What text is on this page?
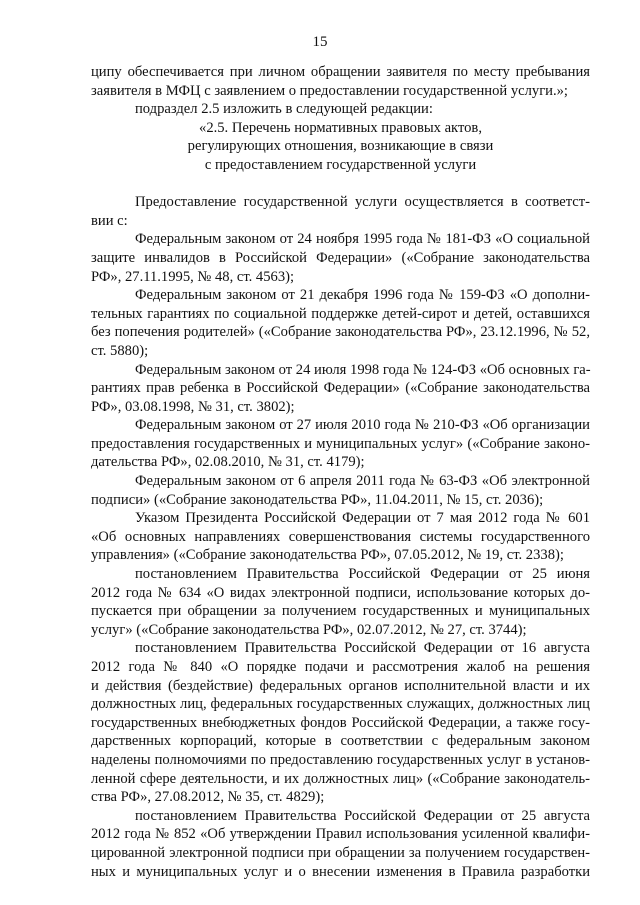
15
ципу обеспечивается при личном обращении заявителя по месту пребывания
заявителя в МФЦ с заявлением о предоставлении государственной услуги.»;
подраздел 2.5 изложить в следующей редакции:
«2.5. Перечень нормативных правовых актов,
регулирующих отношения, возникающие в связи
с предоставлением государственной услуги
Предоставление государственной услуги осуществляется в соответст-
вии с:
Федеральным законом от 24 ноября 1995 года № 181-ФЗ «О социальной
защите инвалидов в Российской Федерации» («Собрание законодательства
РФ», 27.11.1995, № 48, ст. 4563);
Федеральным законом от 21 декабря 1996 года № 159-ФЗ «О дополни-
тельных гарантиях по социальной поддержке детей-сирот и детей, оставшихся
без попечения родителей» («Собрание законодательства РФ», 23.12.1996, № 52,
ст. 5880);
Федеральным законом от 24 июля 1998 года № 124-ФЗ «Об основных га-
рантиях прав ребенка в Российской Федерации» («Собрание законодательства
РФ», 03.08.1998, № 31, ст. 3802);
Федеральным законом от 27 июля 2010 года № 210-ФЗ «Об организации
предоставления государственных и муниципальных услуг» («Собрание законо-
дательства РФ», 02.08.2010, № 31, ст. 4179);
Федеральным законом от 6 апреля 2011 года № 63-ФЗ «Об электронной
подписи» («Собрание законодательства РФ», 11.04.2011, № 15, ст. 2036);
Указом Президента Российской Федерации от 7 мая 2012 года № 601
«Об основных направлениях совершенствования системы государственного
управления» («Собрание законодательства РФ», 07.05.2012, № 19, ст. 2338);
постановлением Правительства Российской Федерации от 25 июня
2012 года № 634 «О видах электронной подписи, использование которых до-
пускается при обращении за получением государственных и муниципальных
услуг» («Собрание законодательства РФ», 02.07.2012, № 27, ст. 3744);
постановлением Правительства Российской Федерации от 16 августа
2012 года № 840 «О порядке подачи и рассмотрения жалоб на решения
и действия (бездействие) федеральных органов исполнительной власти и их
должностных лиц, федеральных государственных служащих, должностных лиц
государственных внебюджетных фондов Российской Федерации, а также госу-
дарственных корпораций, которые в соответствии с федеральным законом
наделены полномочиями по предоставлению государственных услуг в установ-
ленной сфере деятельности, и их должностных лиц» («Собрание законодатель-
ства РФ», 27.08.2012, № 35, ст. 4829);
постановлением Правительства Российской Федерации от 25 августа
2012 года № 852 «Об утверждении Правил использования усиленной квалифи-
цированной электронной подписи при обращении за получением государствен-
ных и муниципальных услуг и о внесении изменения в Правила разработки
